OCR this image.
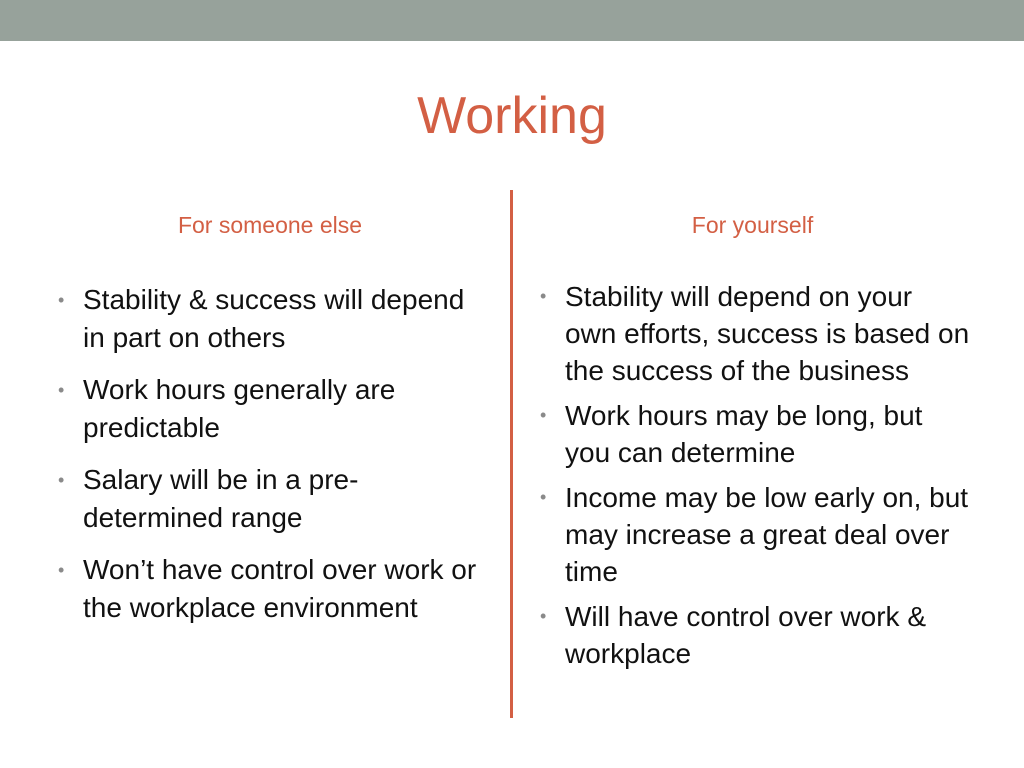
Working
For someone else	For yourself
• Stability & success will depend in part on others
• Work hours generally are predictable
• Salary will be in a pre-determined range
• Won’t have control over work or the workplace environment
• Stability will depend on your own efforts, success is based on the success of the business
• Work hours may be long, but you can determine
• Income may be low early on, but may increase a great deal over time
• Will have control over work & workplace
